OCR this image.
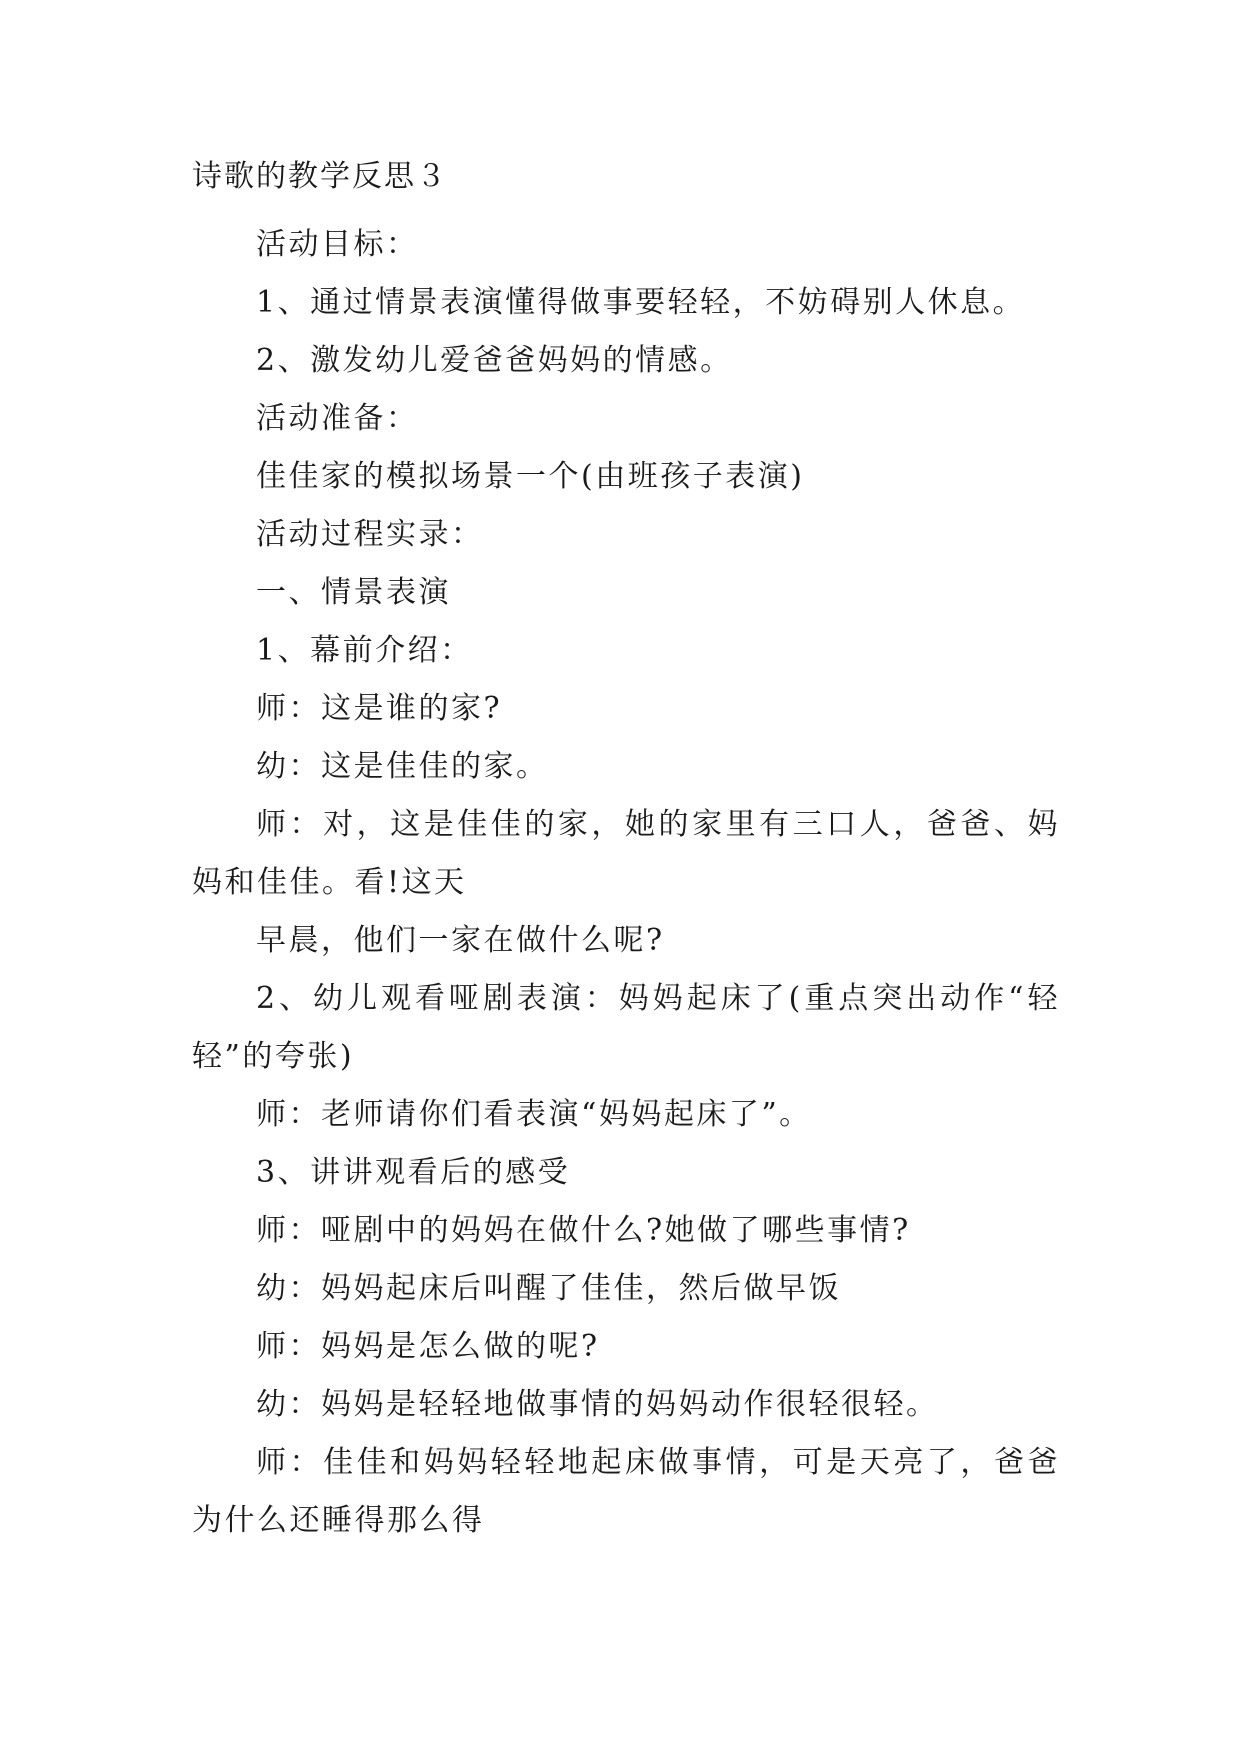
诗歌的教学反思３

活动目标：

1、通过情景表演懂得做事要轻轻，不妨碍别人休息。

2、激发幼儿爱爸爸妈妈的情感。

活动准备：

佳佳家的模拟场景一个(由班孩子表演)

活动过程实录：

一、情景表演

1、幕前介绍：

师：这是谁的家?

幼：这是佳佳的家。

师：对，这是佳佳的家，她的家里有三口人，爸爸、妈妈和佳佳。看!这天

早晨，他们一家在做什么呢?

2、幼儿观看哑剧表演：妈妈起床了(重点突出动作“轻轻”的夸张)

师：老师请你们看表演“妈妈起床了”。

3、讲讲观看后的感受

师：哑剧中的妈妈在做什么?她做了哪些事情?

幼：妈妈起床后叫醒了佳佳，然后做早饭

师：妈妈是怎么做的呢?

幼：妈妈是轻轻地做事情的妈妈动作很轻很轻。

师：佳佳和妈妈轻轻地起床做事情，可是天亮了，爸爸为什么还睡得那么得
